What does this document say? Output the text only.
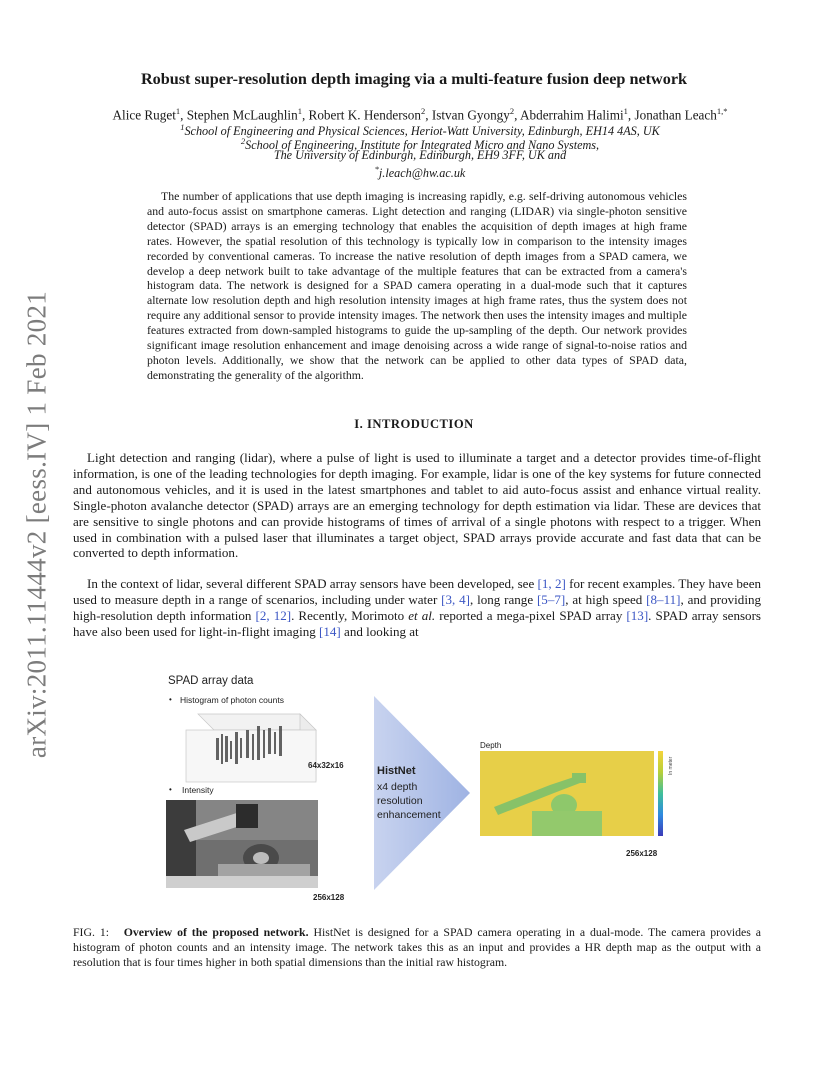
arXiv:2011.11444v2 [eess.IV] 1 Feb 2021
Robust super-resolution depth imaging via a multi-feature fusion deep network
Alice Ruget$^1$, Stephen McLaughlin$^1$, Robert K. Henderson$^2$, Istvan Gyongy$^2$, Abderrahim Halimi$^1$, Jonathan Leach$^{1,*}$
$^1$School of Engineering and Physical Sciences, Heriot-Watt University, Edinburgh, EH14 4AS, UK
$^2$School of Engineering, Institute for Integrated Micro and Nano Systems,
The University of Edinburgh, Edinburgh, EH9 3FF, UK and
*j.leach@hw.ac.uk
The number of applications that use depth imaging is increasing rapidly, e.g. self-driving autonomous vehicles and auto-focus assist on smartphone cameras. Light detection and ranging (LIDAR) via single-photon sensitive detector (SPAD) arrays is an emerging technology that enables the acquisition of depth images at high frame rates. However, the spatial resolution of this technology is typically low in comparison to the intensity images recorded by conventional cameras. To increase the native resolution of depth images from a SPAD camera, we develop a deep network built to take advantage of the multiple features that can be extracted from a camera's histogram data. The network is designed for a SPAD camera operating in a dual-mode such that it captures alternate low resolution depth and high resolution intensity images at high frame rates, thus the system does not require any additional sensor to provide intensity images. The network then uses the intensity images and multiple features extracted from down-sampled histograms to guide the up-sampling of the depth. Our network provides significant image resolution enhancement and image denoising across a wide range of signal-to-noise ratios and photon levels. Additionally, we show that the network can be applied to other data types of SPAD data, demonstrating the generality of the algorithm.
I. INTRODUCTION
Light detection and ranging (lidar), where a pulse of light is used to illuminate a target and a detector provides time-of-flight information, is one of the leading technologies for depth imaging. For example, lidar is one of the key systems for future connected and autonomous vehicles, and it is used in the latest smartphones and tablet to aid auto-focus assist and enhance virtual reality. Single-photon avalanche detector (SPAD) arrays are an emerging technology for depth estimation via lidar. These are devices that are sensitive to single photons and can provide histograms of times of arrival of a single photons with respect to a trigger. When used in combination with a pulsed laser that illuminates a target object, SPAD arrays provide accurate and fast data that can be converted to depth information.
In the context of lidar, several different SPAD array sensors have been developed, see [1, 2] for recent examples. They have been used to measure depth in a range of scenarios, including under water [3, 4], long range [5–7], at high speed [8–11], and providing high-resolution depth information [2, 12]. Recently, Morimoto et al. reported a mega-pixel SPAD array [13]. SPAD array sensors have also been used for light-in-flight imaging [14] and looking at
SPAD array data
• Histogram of photon counts
64x32x16
• Intensity
256x128
HistNet
x4 depth
resolution
enhancement
Depth
In meter
256x128
FIG. 1: Overview of the proposed network. HistNet is designed for a SPAD camera operating in a dual-mode. The camera provides a histogram of photon counts and an intensity image. The network takes this as an input and provides a HR depth map as the output with a resolution that is four times higher in both spatial dimensions than the initial raw histogram.
